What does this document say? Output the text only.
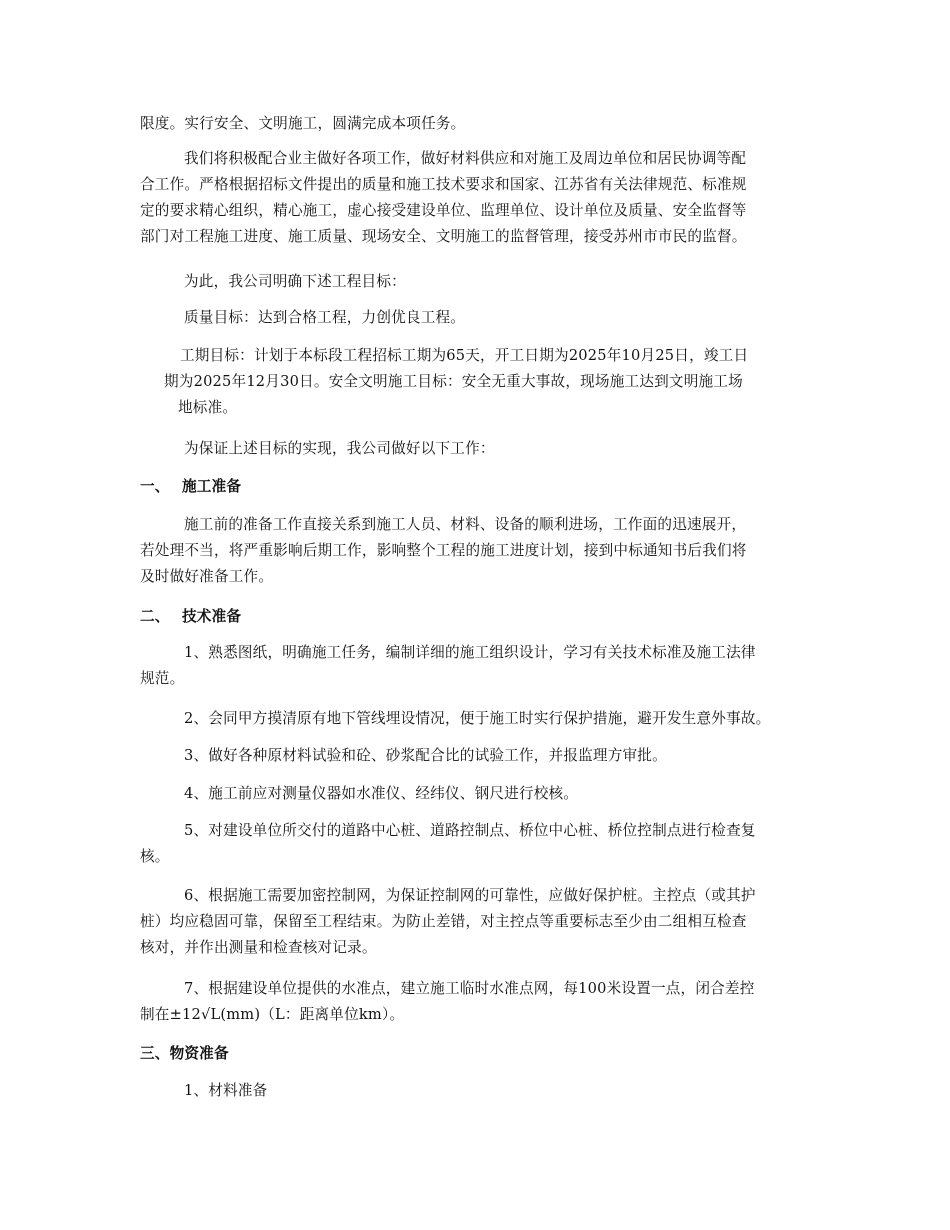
限度。实行安全、文明施工，圆满完成本项任务。
我们将积极配合业主做好各项工作，做好材料供应和对施工及周边单位和居民协调等配
合工作。严格根据招标文件提出的质量和施工技术要求和国家、江苏省有关法律规范、标准规
定的要求精心组织，精心施工，虚心接受建设单位、监理单位、设计单位及质量、安全监督等
部门对工程施工进度、施工质量、现场安全、文明施工的监督管理，接受苏州市市民的监督。
为此，我公司明确下述工程目标：
质量目标：达到合格工程，力创优良工程。
工期目标：计划于本标段工程招标工期为65天，开工日期为2025年10月25日，竣工日
期为2025年12月30日。安全文明施工目标：安全无重大事故，现场施工达到文明施工场
地标准。
为保证上述目标的实现，我公司做好以下工作：
一、 施工准备
施工前的准备工作直接关系到施工人员、材料、设备的顺利进场，工作面的迅速展开，
若处理不当，将严重影响后期工作，影响整个工程的施工进度计划，接到中标通知书后我们将
及时做好准备工作。
二、 技术准备
1、熟悉图纸，明确施工任务，编制详细的施工组织设计，学习有关技术标准及施工法律
规范。
2、会同甲方摸清原有地下管线埋设情况，便于施工时实行保护措施，避开发生意外事故。
3、做好各种原材料试验和砼、砂浆配合比的试验工作，并报监理方审批。
4、施工前应对测量仪器如水准仪、经纬仪、钢尺进行校核。
5、对建设单位所交付的道路中心桩、道路控制点、桥位中心桩、桥位控制点进行检查复
核。
6、根据施工需要加密控制网，为保证控制网的可靠性，应做好保护桩。主控点（或其护
桩）均应稳固可靠，保留至工程结束。为防止差错，对主控点等重要标志至少由二组相互检查
核对，并作出测量和检查核对记录。
7、根据建设单位提供的水准点，建立施工临时水准点网，每100米设置一点，闭合差控
制在±12√L(mm)（L：距离单位km）。
三、物资准备
1、材料准备
